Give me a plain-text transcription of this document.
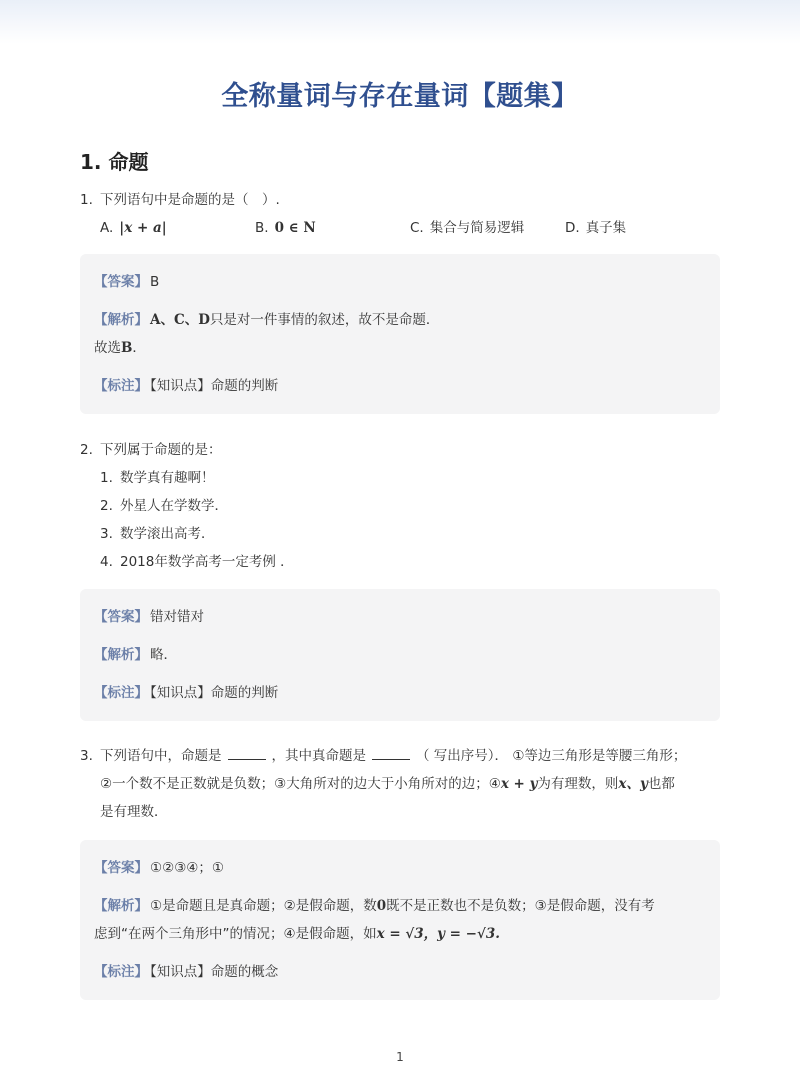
全称量词与存在量词【题集】
1. 命题
1. 下列语句中是命题的是（　）.
A. |x + a|	B. 0 ∈ N	C. 集合与简易逻辑	D. 真子集
【答案】 B
【解析】 A、C、D只是对一件事情的叙述，故不是命题．
故选B．
【标注】 【知识点】命题的判断
2. 下列属于命题的是：
1. 数学真有趣啊！
2. 外星人在学数学．
3. 数学滚出高考．
4. 2018年数学高考一定考例 ．
【答案】 错对错对
【解析】 略．
【标注】 【知识点】命题的判断
3. 下列语句中，命题是	，其中真命题是	（ 写出序号）． ①等边三角形是等腰三角形；
②一个数不是正数就是负数；③大角所对的边大于小角所对的边；④x + y为有理数，则x、y也都
是有理数．
【答案】 ①②③④；①
【解析】 ①是命题且是真命题；②是假命题，数0既不是正数也不是负数；③是假命题，没有考
虑到“在两个三角形中”的情况；④是假命题，如x = √3，y = −√3.
【标注】 【知识点】命题的概念
1
